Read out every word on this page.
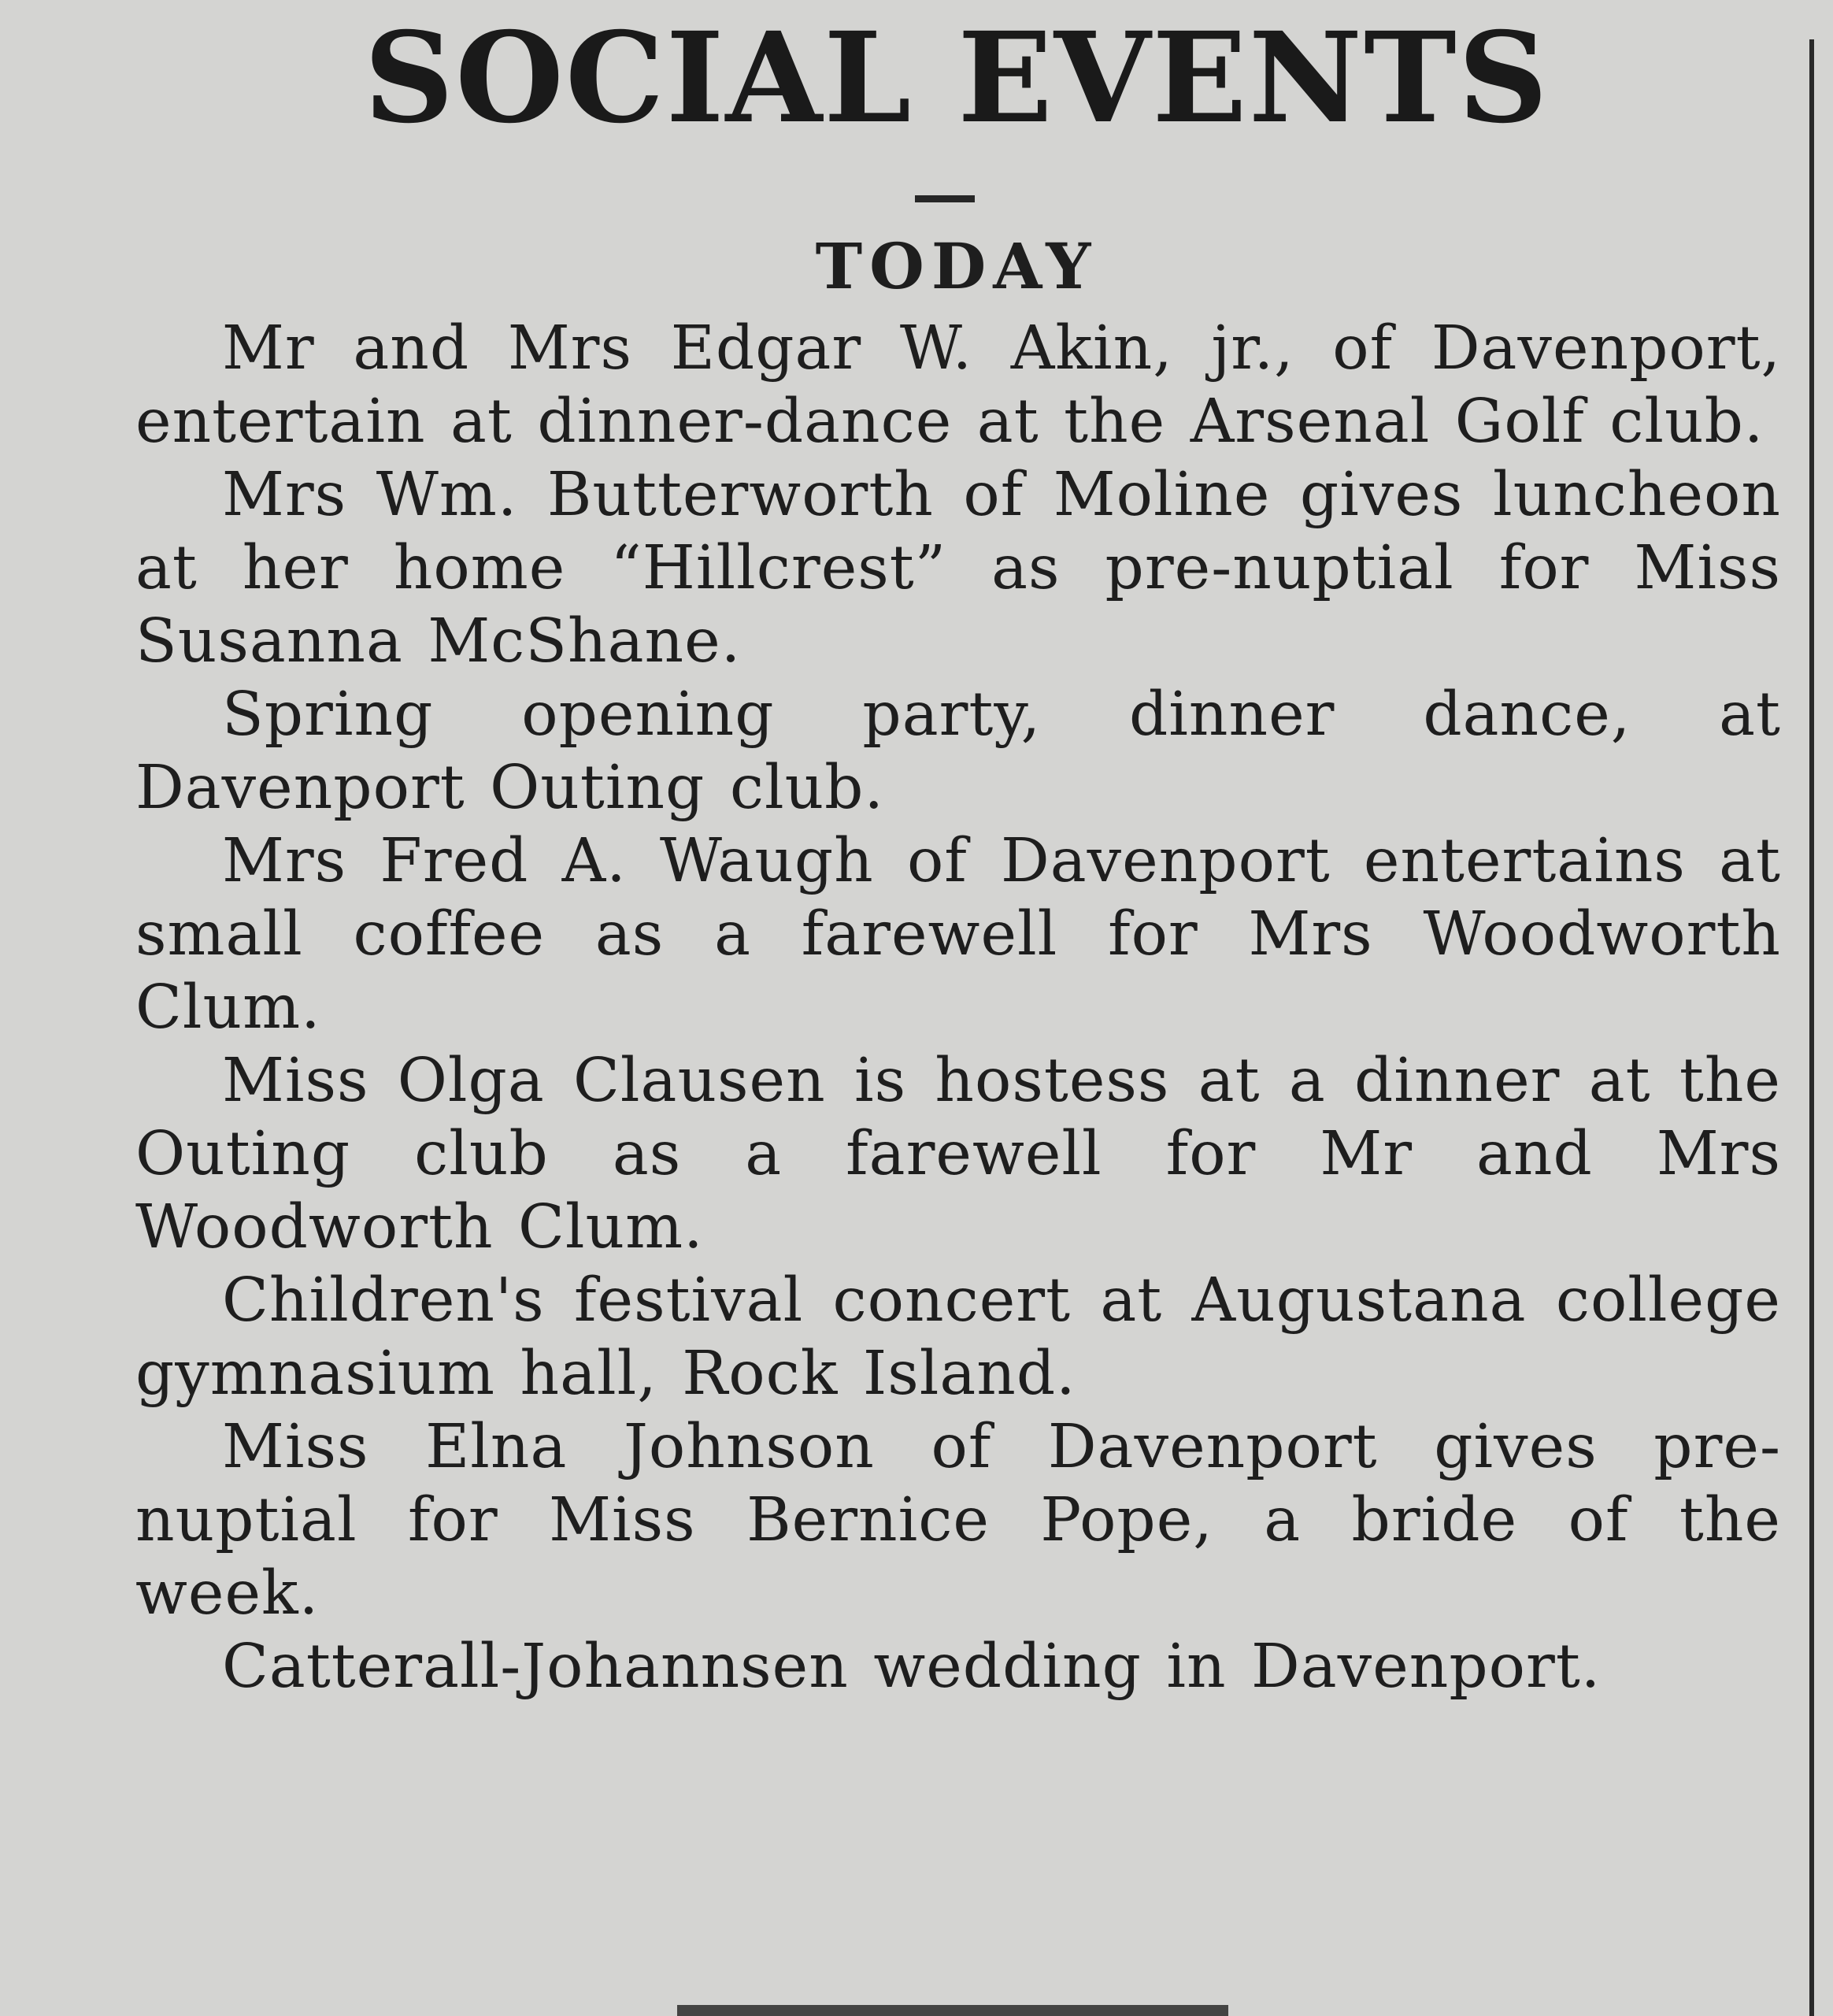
SOCIAL EVENTS
TODAY
Mr and Mrs Edgar W. Akin, jr., of Davenport, entertain at dinner-dance at the Arsenal Golf club.
Mrs Wm. Butterworth of Moline gives luncheon at her home “Hillcrest” as pre-nuptial for Miss Susanna McShane.
Spring opening party, dinner dance, at Davenport Outing club.
Mrs Fred A. Waugh of Davenport entertains at small coffee as a farewell for Mrs Woodworth Clum.
Miss Olga Clausen is hostess at a dinner at the Outing club as a farewell for Mr and Mrs Woodworth Clum.
Children's festival concert at Augustana college gymnasium hall, Rock Island.
Miss Elna Johnson of Davenport gives pre-nuptial for Miss Bernice Pope, a bride of the week.
Catterall-Johannsen wedding in Davenport.
